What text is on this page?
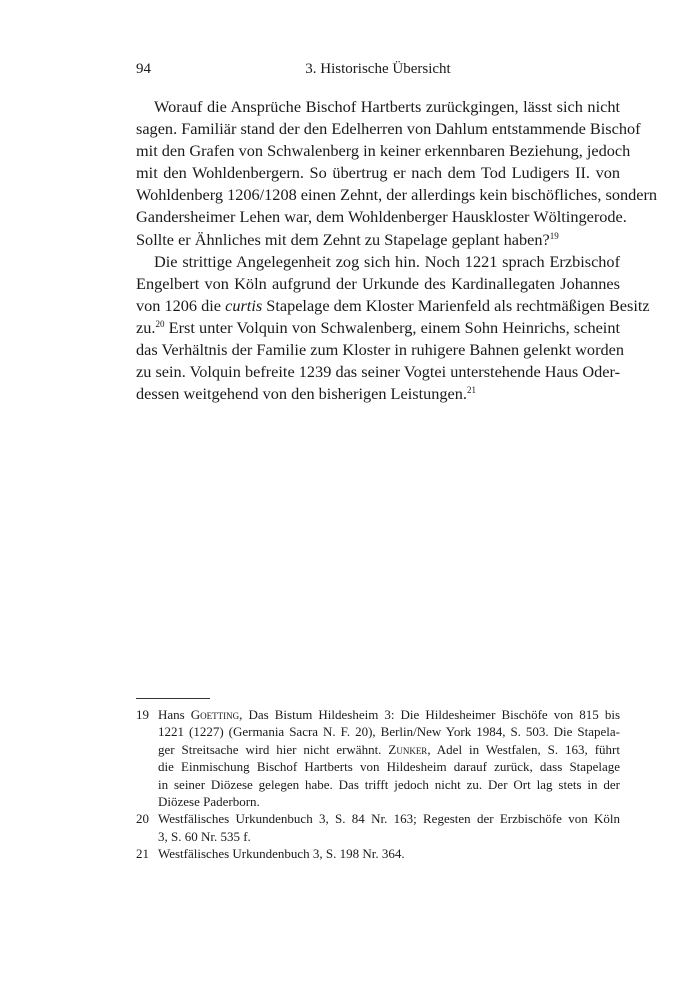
94	3. Historische Übersicht
Worauf die Ansprüche Bischof Hartberts zurückgingen, lässt sich nicht
sagen. Familiär stand der den Edelherren von Dahlum entstammende Bischof
mit den Grafen von Schwalenberg in keiner erkennbaren Beziehung, jedoch
mit den Wohldenbergern. So übertrug er nach dem Tod Ludigers II. von
Wohldenberg 1206/1208 einen Zehnt, der allerdings kein bischöfliches, sondern
Gandersheimer Lehen war, dem Wohldenberger Hauskloster Wöltingerode.
Sollte er Ähnliches mit dem Zehnt zu Stapelage geplant haben?$^{19}$
Die strittige Angelegenheit zog sich hin. Noch 1221 sprach Erzbischof
Engelbert von Köln aufgrund der Urkunde des Kardinallegaten Johannes
von 1206 die curtis Stapelage dem Kloster Marienfeld als rechtmäßigen Besitz
zu.$^{20}$ Erst unter Volquin von Schwalenberg, einem Sohn Heinrichs, scheint
das Verhältnis der Familie zum Kloster in ruhigere Bahnen gelenkt worden
zu sein. Volquin befreite 1239 das seiner Vogtei unterstehende Haus Oder-
dessen weitgehend von den bisherigen Leistungen.$^{21}$
19 Hans Goetting, Das Bistum Hildesheim 3: Die Hildesheimer Bischöfe von 815 bis
1221 (1227) (Germania Sacra N. F. 20), Berlin/New York 1984, S. 503. Die Stapela-
ger Streitsache wird hier nicht erwähnt. Zunker, Adel in Westfalen, S. 163, führt
die Einmischung Bischof Hartberts von Hildesheim darauf zurück, dass Stapelage
in seiner Diözese gelegen habe. Das trifft jedoch nicht zu. Der Ort lag stets in der
Diözese Paderborn.
20 Westfälisches Urkundenbuch 3, S. 84 Nr. 163; Regesten der Erzbischöfe von Köln
3, S. 60 Nr. 535 f.
21 Westfälisches Urkundenbuch 3, S. 198 Nr. 364.
